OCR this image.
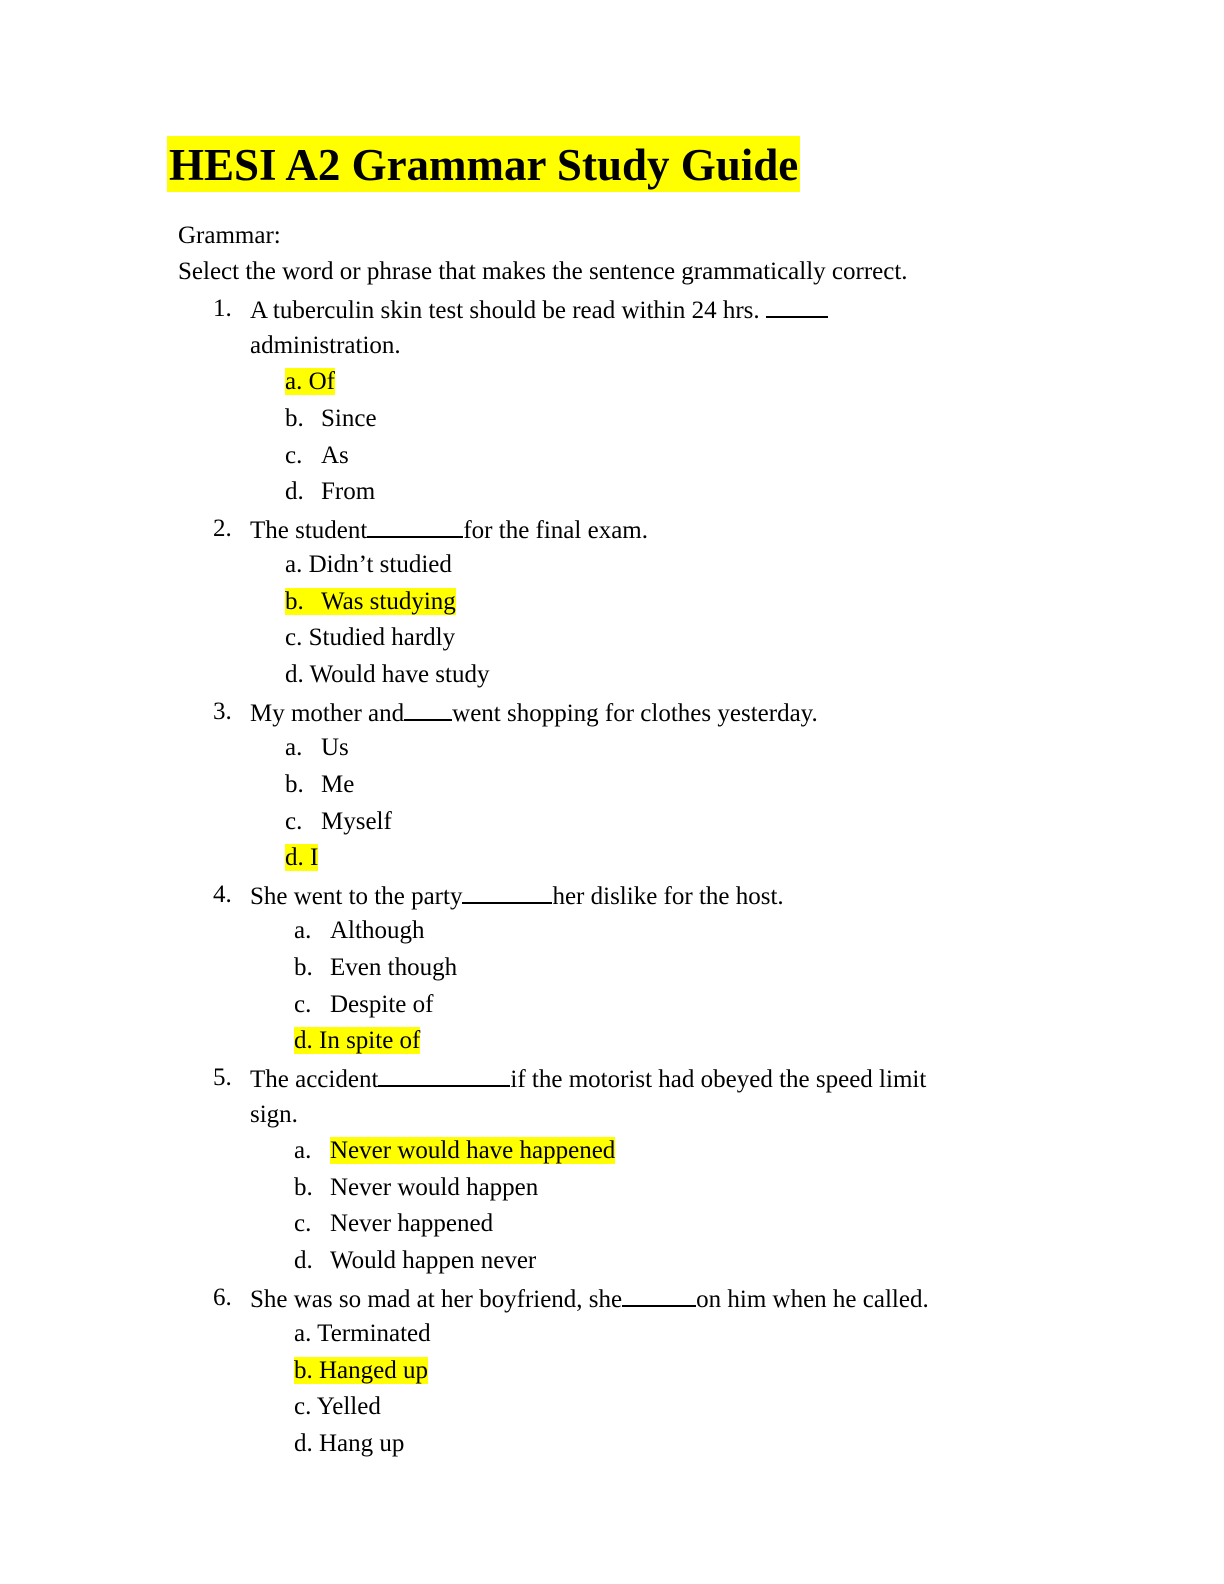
HESI A2 Grammar Study Guide
Grammar:
Select the word or phrase that makes the sentence grammatically correct.
1. A tuberculin skin test should be read within 24 hrs.
administration.
a. Of
b. Since
c. As
d. From
2. The student	for the final exam.
a. Didn’t studied
b. Was studying
c. Studied hardly
d. Would have study
3. My mother and went shopping for clothes yesterday.
a. Us
b. Me
c. Myself
d. I
4. She went to the party	her dislike for the host.
a. Although
b. Even though
c. Despite of
d. In spite of
5. The accident	if the motorist had obeyed the speed limit
sign.
a. Never would have happened
b. Never would happen
c. Never happened
d. Would happen never
6. She was so mad at her boyfriend, she	on him when he called.
a. Terminated
b. Hanged up
c. Yelled
d. Hang up
